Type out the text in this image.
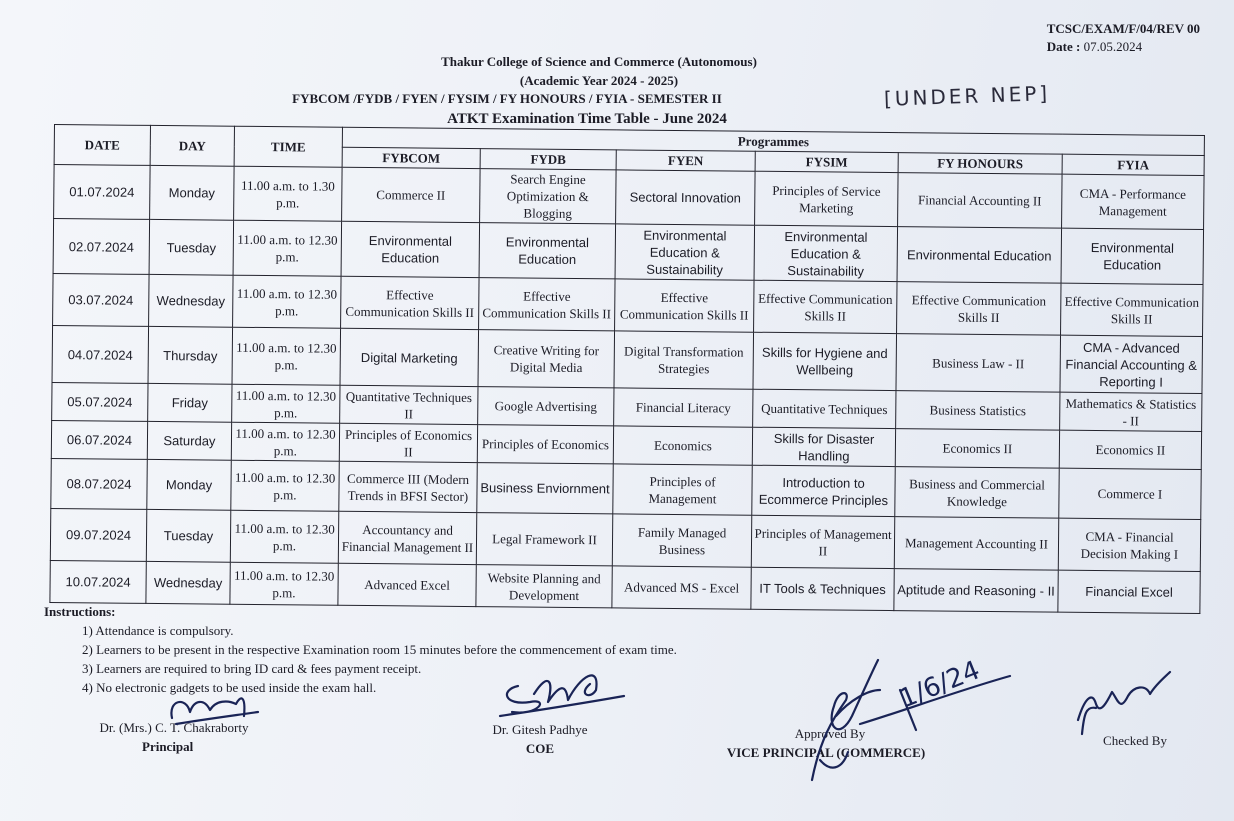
TCSC/EXAM/F/04/REV 00
Date : 07.05.2024
Thakur College of Science and Commerce (Autonomous)
(Academic Year 2024 - 2025)
FYBCOM /FYDB / FYEN / FYSIM / FY HONOURS / FYIA - SEMESTER II	[UNDER NEP]
ATKT Examination Time Table - June 2024
DATE	DAY	TIME	Programmes					
			FYBCOM	FYDB	FYEN	FYSIM	FY HONOURS	FYIA
01.07.2024	Monday	11.00 a.m. to 1.30 p.m.	Commerce II	Search Engine Optimization & Blogging	Sectoral Innovation	Principles of Service Marketing	Financial Accounting II	CMA - Performance Management
02.07.2024	Tuesday	11.00 a.m. to 12.30 p.m.	Environmental Education	Environmental Education	Environmental Education & Sustainability	Environmental Education & Sustainability	Environmental Education	Environmental Education
03.07.2024	Wednesday	11.00 a.m. to 12.30 p.m.	Effective Communication Skills II	Effective Communication Skills II	Effective Communication Skills II	Effective Communication Skills II	Effective Communication Skills II	Effective Communication Skills II
04.07.2024	Thursday	11.00 a.m. to 12.30 p.m.	Digital Marketing	Creative Writing for Digital Media	Digital Transformation Strategies	Skills for Hygiene and Wellbeing	Business Law - II	CMA - Advanced Financial Accounting & Reporting I
05.07.2024	Friday	11.00 a.m. to 12.30 p.m.	Quantitative Techniques II	Google Advertising	Financial Literacy	Quantitative Techniques	Business Statistics	Mathematics & Statistics - II
06.07.2024	Saturday	11.00 a.m. to 12.30 p.m.	Principles of Economics II	Principles of Economics	Economics	Skills for Disaster Handling	Economics II	Economics II
08.07.2024	Monday	11.00 a.m. to 12.30 p.m.	Commerce III (Modern Trends in BFSI Sector)	Business Enviornment	Principles of Management	Introduction to Ecommerce Principles	Business and Commercial Knowledge	Commerce I
09.07.2024	Tuesday	11.00 a.m. to 12.30 p.m.	Accountancy and Financial Management II	Legal Framework II	Family Managed Business	Principles of Management II	Management Accounting II	CMA - Financial Decision Making I
10.07.2024	Wednesday	11.00 a.m. to 12.30 p.m.	Advanced Excel	Website Planning and Development	Advanced MS - Excel	IT Tools & Techniques	Aptitude and Reasoning - II	Financial Excel
Instructions:
1) Attendance is compulsory.
2) Learners to be present in the respective Examination room 15 minutes before the commencement of exam time.
3) Learners are required to bring ID card & fees payment receipt.
4) No electronic gadgets to be used inside the exam hall.
Dr. (Mrs.) C. T. Chakraborty
Principal
Dr. Gitesh Padhye
COE
Approved By
VICE PRINCIPAL (COMMERCE)
Checked By
1/6/24
